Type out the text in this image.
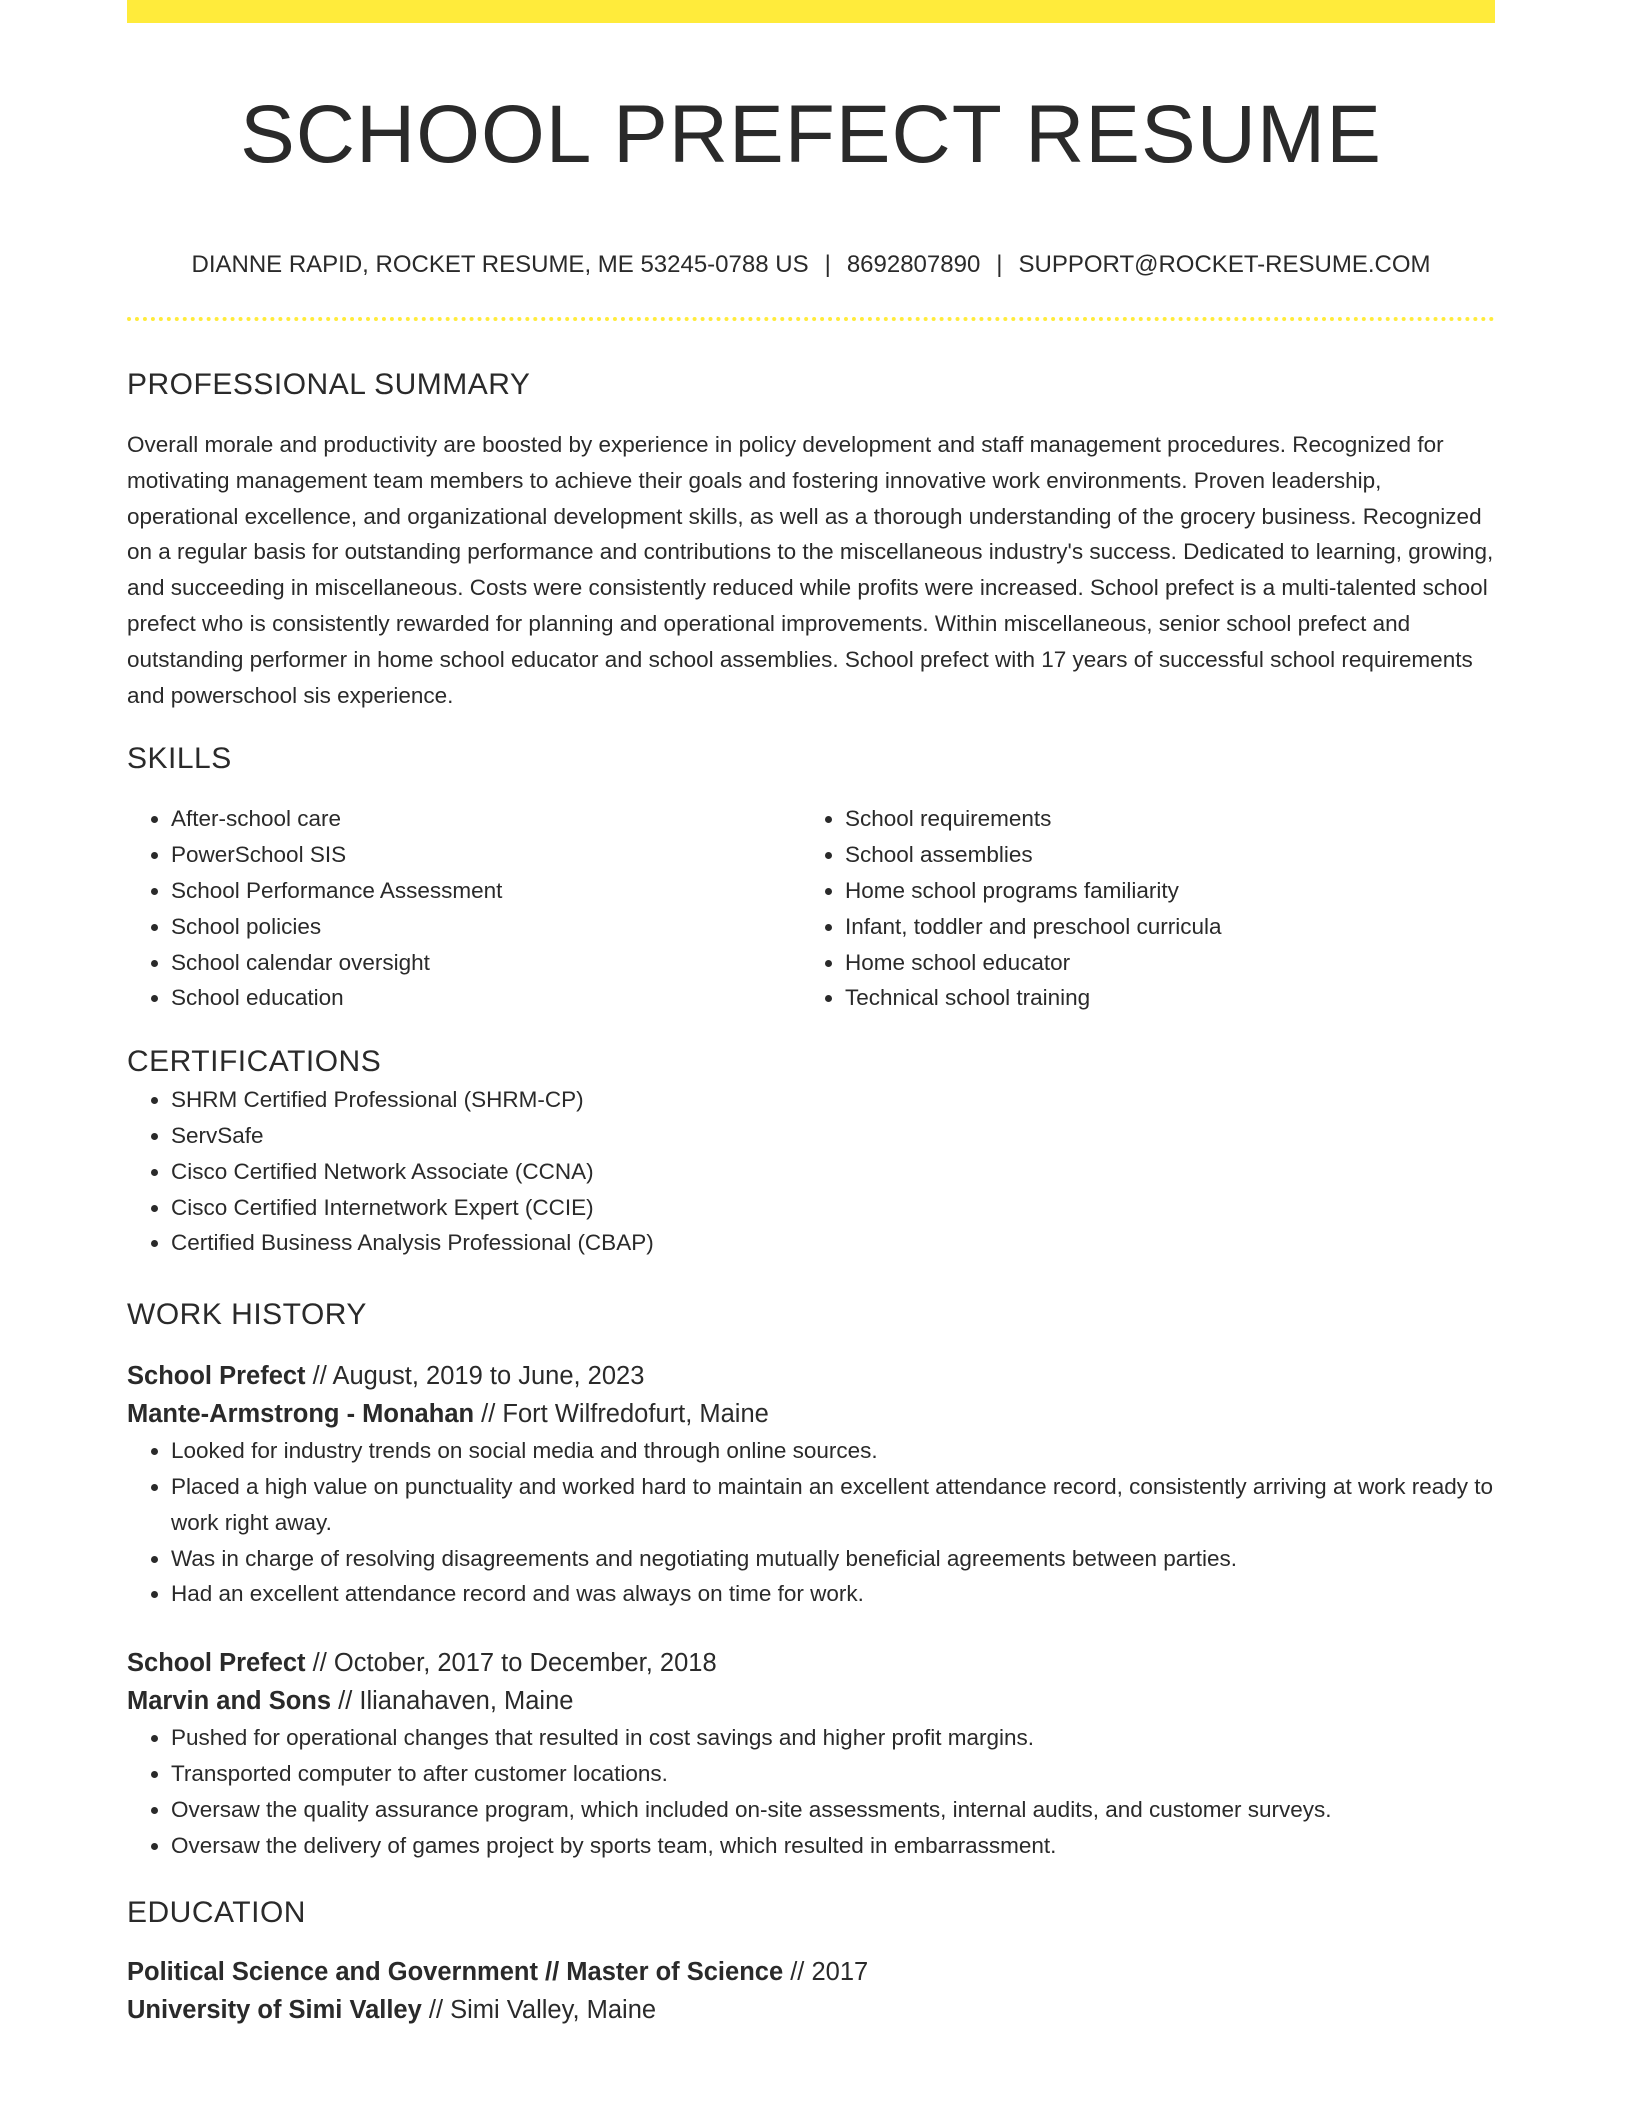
SCHOOL PREFECT RESUME
DIANNE RAPID, ROCKET RESUME, ME 53245-0788 US | 8692807890 | SUPPORT@ROCKET-RESUME.COM
PROFESSIONAL SUMMARY

Overall morale and productivity are boosted by experience in policy development and staff management procedures. Recognized for motivating management team members to achieve their goals and fostering innovative work environments. Proven leadership, operational excellence, and organizational development skills, as well as a thorough understanding of the grocery business. Recognized on a regular basis for outstanding performance and contributions to the miscellaneous industry's success. Dedicated to learning, growing, and succeeding in miscellaneous. Costs were consistently reduced while profits were increased. School prefect is a multi-talented school prefect who is consistently rewarded for planning and operational improvements. Within miscellaneous, senior school prefect and outstanding performer in home school educator and school assemblies. School prefect with 17 years of successful school requirements and powerschool sis experience.

SKILLS
• After-school care
• PowerSchool SIS
• School Performance Assessment
• School policies
• School calendar oversight
• School education
• School requirements
• School assemblies
• Home school programs familiarity
• Infant, toddler and preschool curricula
• Home school educator
• Technical school training
CERTIFICATIONS
• SHRM Certified Professional (SHRM-CP)
• ServSafe
• Cisco Certified Network Associate (CCNA)
• Cisco Certified Internetwork Expert (CCIE)
• Certified Business Analysis Professional (CBAP)
WORK HISTORY
School Prefect // August, 2019 to June, 2023
Mante-Armstrong - Monahan // Fort Wilfredofurt, Maine
• Looked for industry trends on social media and through online sources.
• Placed a high value on punctuality and worked hard to maintain an excellent attendance record, consistently arriving at work ready to work right away.
• Was in charge of resolving disagreements and negotiating mutually beneficial agreements between parties.
• Had an excellent attendance record and was always on time for work.
School Prefect // October, 2017 to December, 2018
Marvin and Sons // Ilianahaven, Maine
• Pushed for operational changes that resulted in cost savings and higher profit margins.
• Transported computer to after customer locations.
• Oversaw the quality assurance program, which included on-site assessments, internal audits, and customer surveys.
• Oversaw the delivery of games project by sports team, which resulted in embarrassment.
EDUCATION
Political Science and Government // Master of Science // 2017
University of Simi Valley // Simi Valley, Maine
